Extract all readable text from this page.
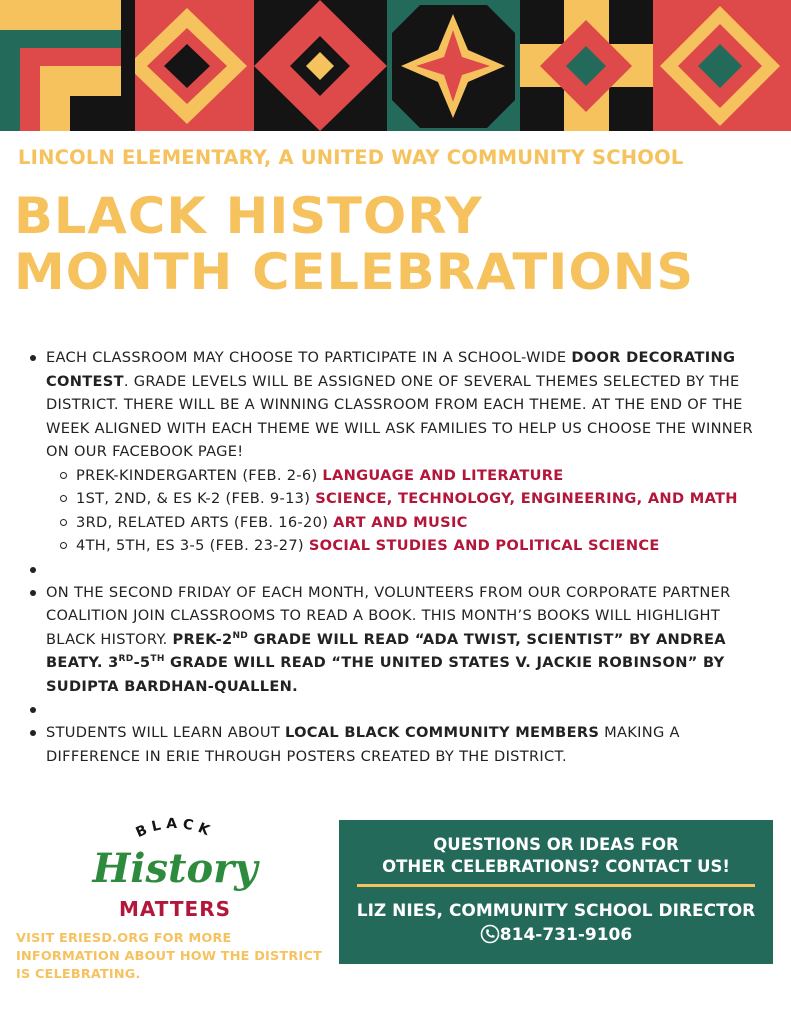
LINCOLN ELEMENTARY, A UNITED WAY COMMUNITY SCHOOL
BLACK HISTORY
MONTH CELEBRATIONS
EACH CLASSROOM MAY CHOOSE TO PARTICIPATE IN A SCHOOL-WIDE DOOR DECORATING CONTEST. GRADE LEVELS WILL BE ASSIGNED ONE OF SEVERAL THEMES SELECTED BY THE DISTRICT. THERE WILL BE A WINNING CLASSROOM FROM EACH THEME. AT THE END OF THE WEEK ALIGNED WITH EACH THEME WE WILL ASK FAMILIES TO HELP US CHOOSE THE WINNER ON OUR FACEBOOK PAGE!
PREK-KINDERGARTEN (FEB. 2-6) LANGUAGE AND LITERATURE
1ST, 2ND, & ES K-2 (FEB. 9-13) SCIENCE, TECHNOLOGY, ENGINEERING, AND MATH
3RD, RELATED ARTS (FEB. 16-20) ART AND MUSIC
4TH, 5TH, ES 3-5 (FEB. 23-27) SOCIAL STUDIES AND POLITICAL SCIENCE
ON THE SECOND FRIDAY OF EACH MONTH, VOLUNTEERS FROM OUR CORPORATE PARTNER COALITION JOIN CLASSROOMS TO READ A BOOK. THIS MONTH’S BOOKS WILL HIGHLIGHT BLACK HISTORY. PREK-2ND GRADE WILL READ “ADA TWIST, SCIENTIST” BY ANDREA BEATY. 3RD-5TH GRADE WILL READ “THE UNITED STATES V. JACKIE ROBINSON” BY SUDIPTA BARDHAN-QUALLEN.
STUDENTS WILL LEARN ABOUT LOCAL BLACK COMMUNITY MEMBERS MAKING A DIFFERENCE IN ERIE THROUGH POSTERS CREATED BY THE DISTRICT.
BLACK
History
MATTERS
VISIT ERIESD.ORG FOR MORE INFORMATION ABOUT HOW THE DISTRICT IS CELEBRATING.
QUESTIONS OR IDEAS FOR
OTHER CELEBRATIONS? CONTACT US!
LIZ NIES, COMMUNITY SCHOOL DIRECTOR
814-731-9106
